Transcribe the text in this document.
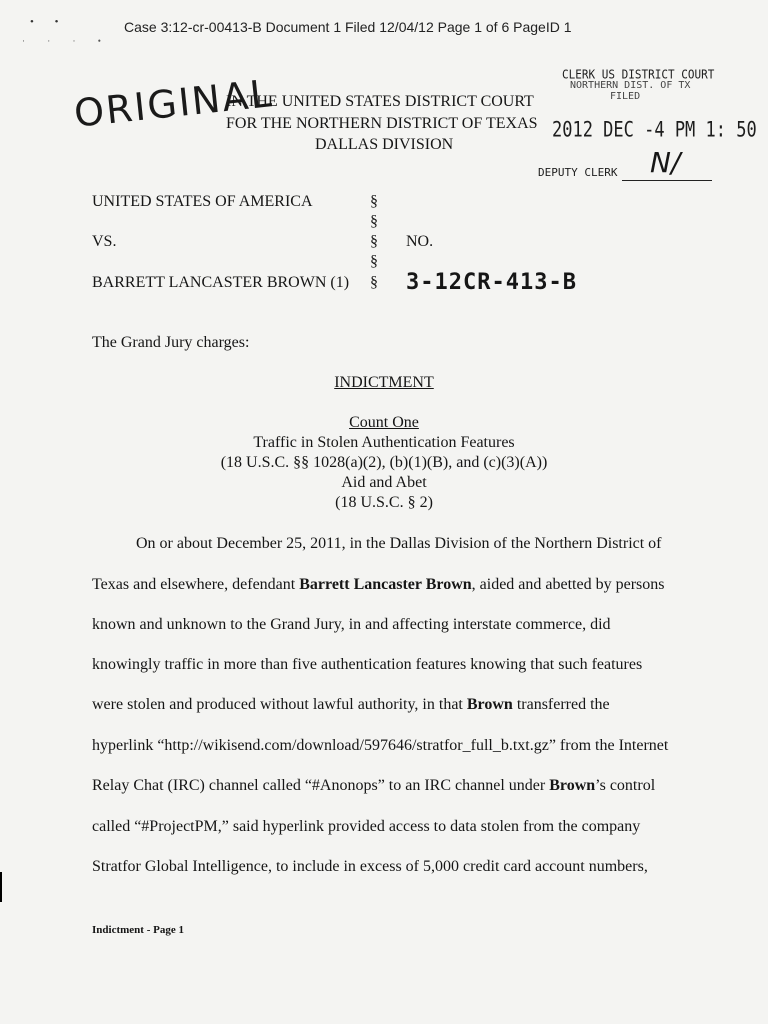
• •
· · · •
Case 3:12-cr-00413-B Document 1 Filed 12/04/12 Page 1 of 6 PageID 1
ORIGINAL
IN THE UNITED STATES DISTRICT COURT
FOR THE NORTHERN DISTRICT OF TEXAS
DALLAS DIVISION
CLERK US DISTRICT COURT
NORTHERN DIST. OF TX
FILED
2012 DEC -4 PM 1: 50
DEPUTY CLERK N/
UNITED STATES OF AMERICA
VS.
BARRETT LANCASTER BROWN (1)
§
§
§
§
§
NO.
3-12CR-413-B
The Grand Jury charges:
INDICTMENT
Count One
Traffic in Stolen Authentication Features
(18 U.S.C. §§ 1028(a)(2), (b)(1)(B), and (c)(3)(A))
Aid and Abet
(18 U.S.C. § 2)
On or about December 25, 2011, in the Dallas Division of the Northern District of
Texas and elsewhere, defendant Barrett Lancaster Brown, aided and abetted by persons
known and unknown to the Grand Jury, in and affecting interstate commerce, did
knowingly traffic in more than five authentication features knowing that such features
were stolen and produced without lawful authority, in that Brown transferred the
hyperlink “http://wikisend.com/download/597646/stratfor_full_b.txt.gz” from the Internet
Relay Chat (IRC) channel called “#Anonops” to an IRC channel under Brown’s control
called “#ProjectPM,” said hyperlink provided access to data stolen from the company
Stratfor Global Intelligence, to include in excess of 5,000 credit card account numbers,
Indictment - Page 1
